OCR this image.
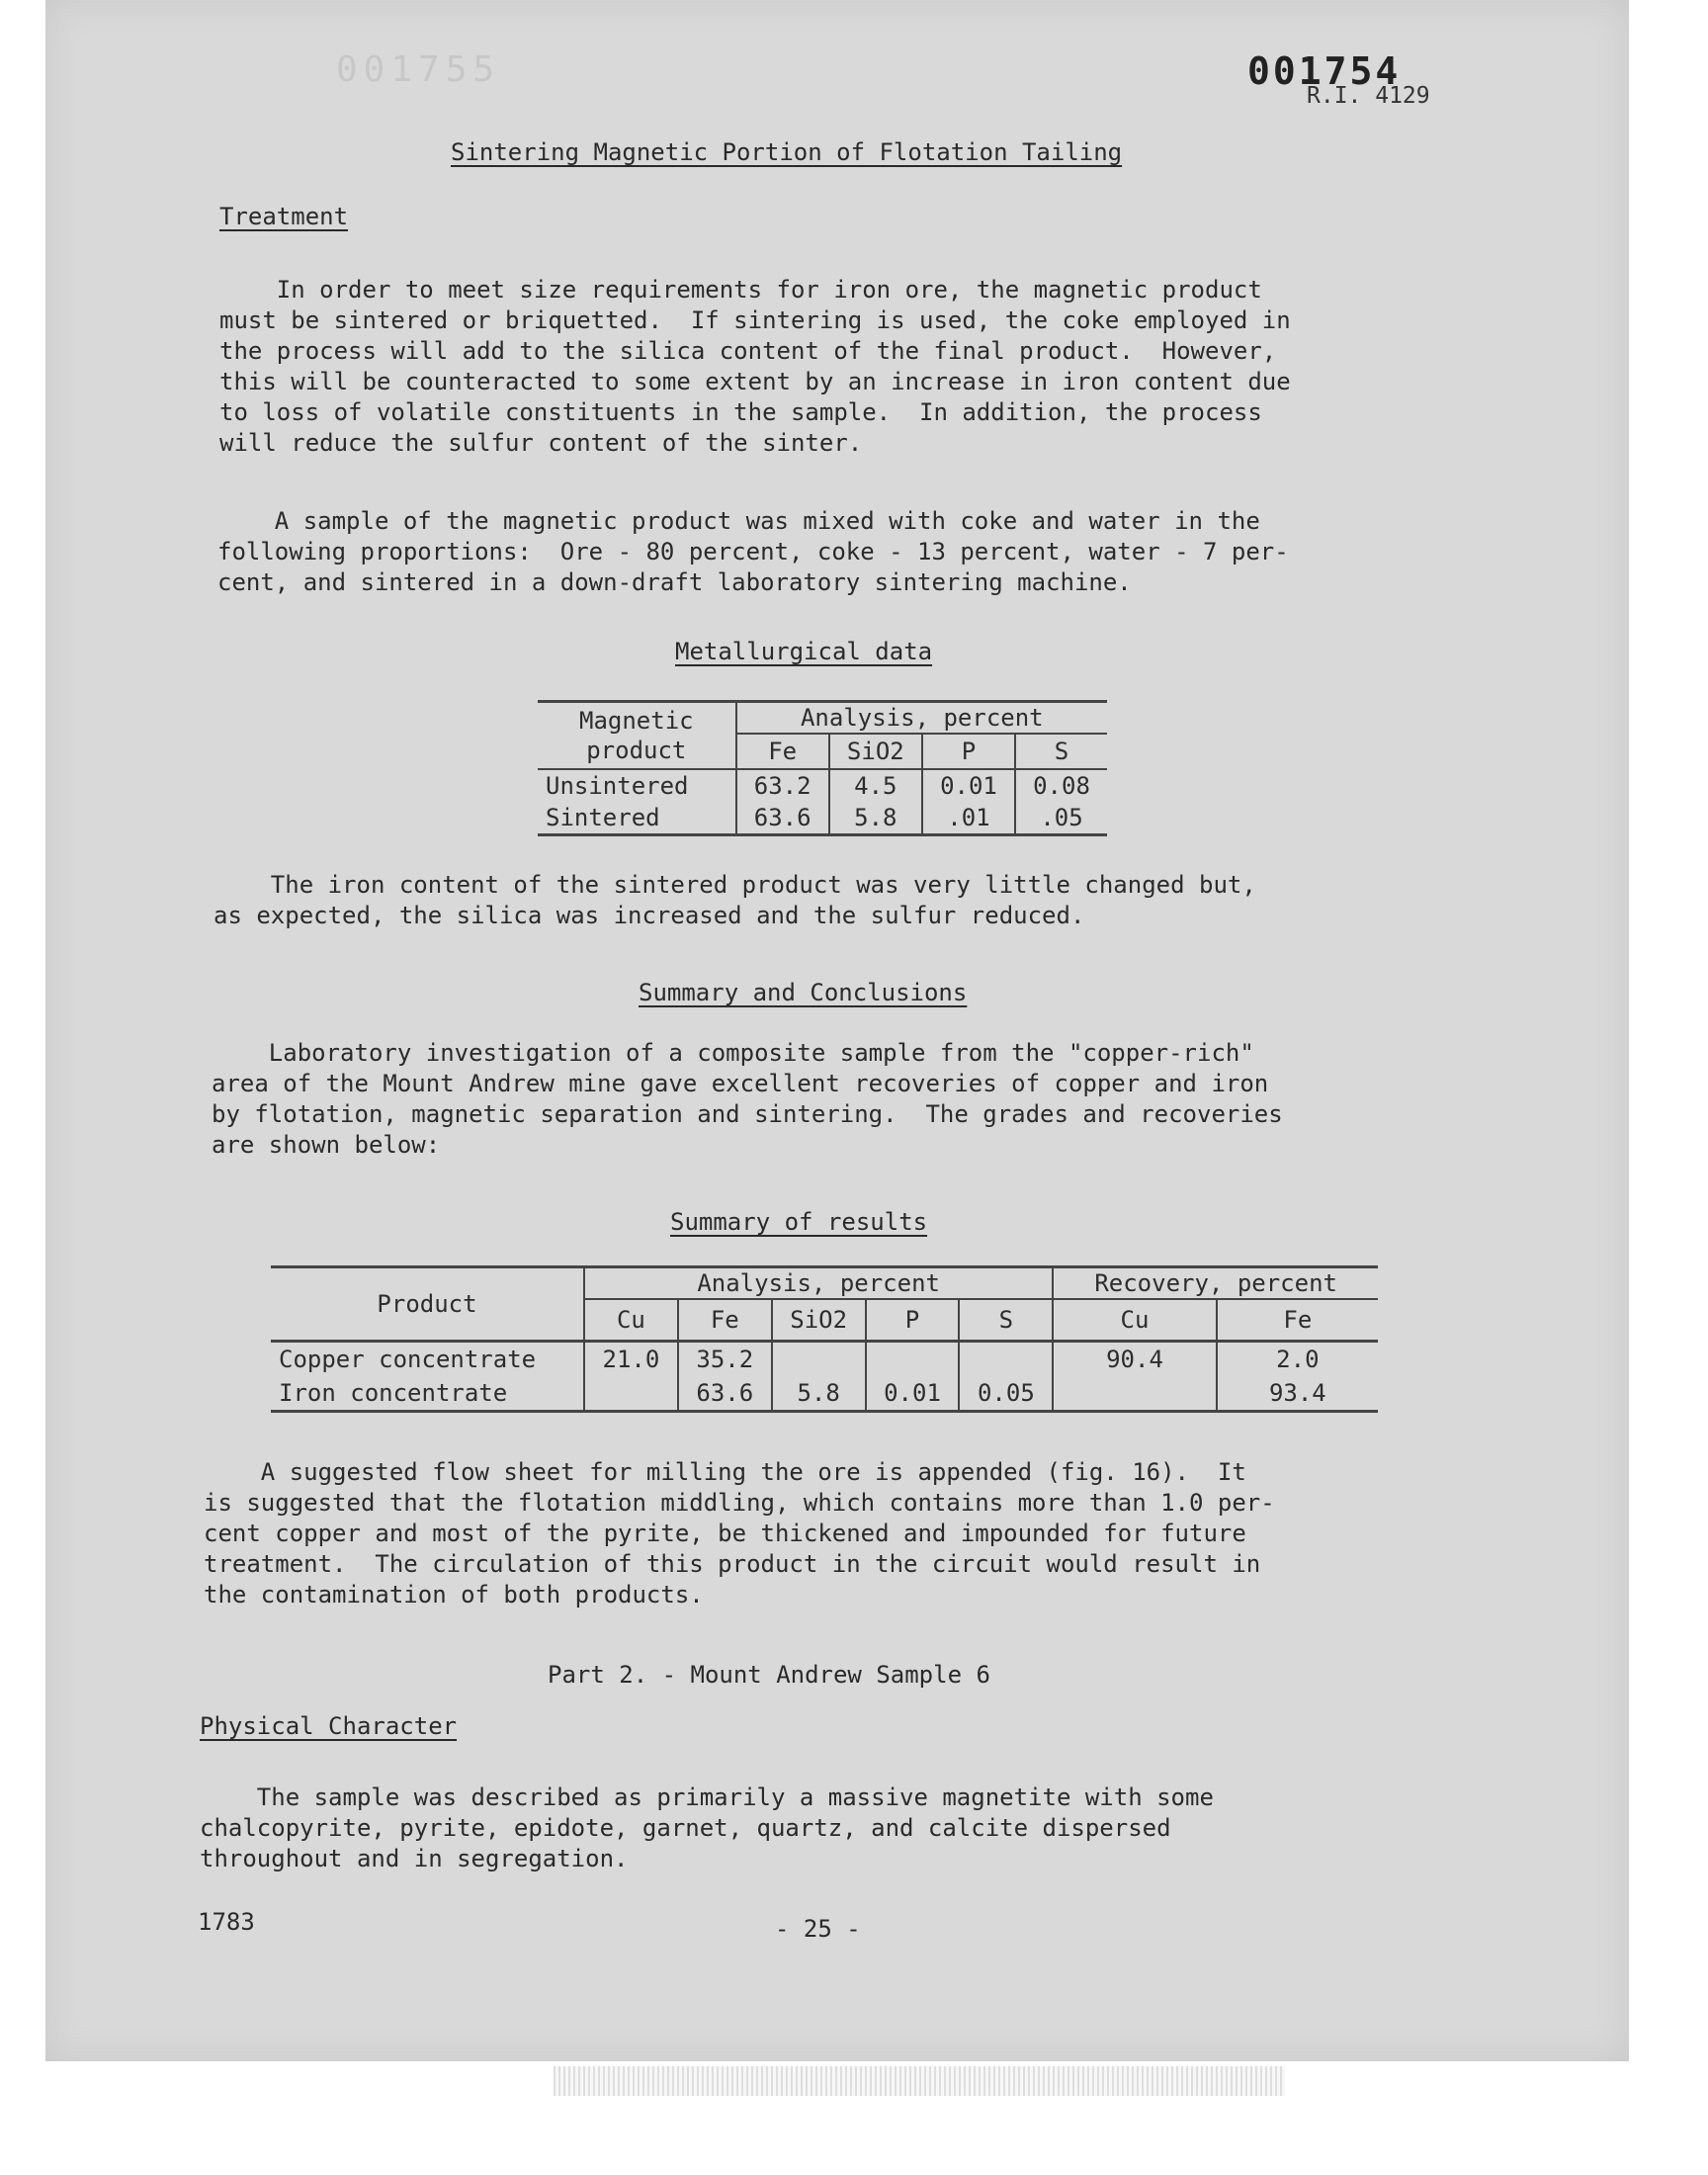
001755	001754
R.I. 4129
Sintering Magnetic Portion of Flotation Tailing
Treatment
In order to meet size requirements for iron ore, the magnetic product
must be sintered or briquetted.  If sintering is used, the coke employed in
the process will add to the silica content of the final product.  However,
this will be counteracted to some extent by an increase in iron content due
to loss of volatile constituents in the sample.  In addition, the process
will reduce the sulfur content of the sinter.
A sample of the magnetic product was mixed with coke and water in the
following proportions:  Ore - 80 percent, coke - 13 percent, water - 7 per-
cent, and sintered in a down-draft laboratory sintering machine.
Metallurgical data
Magnetic
product	Analysis, percent			
	Fe	SiO2	P	S
Unsintered	63.2	4.5	0.01	0.08
Sintered	63.6	5.8	.01	.05
The iron content of the sintered product was very little changed but,
as expected, the silica was increased and the sulfur reduced.
Summary and Conclusions
Laboratory investigation of a composite sample from the "copper-rich"
area of the Mount Andrew mine gave excellent recoveries of copper and iron
by flotation, magnetic separation and sintering.  The grades and recoveries
are shown below:
Summary of results
Product	Analysis, percent					Recovery, percent	
	Cu	Fe	SiO2	P	S	Cu	Fe
Copper concentrate	21.0	35.2				90.4	2.0
Iron concentrate		63.6	5.8	0.01	0.05		93.4
A suggested flow sheet for milling the ore is appended (fig. 16).  It
is suggested that the flotation middling, which contains more than 1.0 per-
cent copper and most of the pyrite, be thickened and impounded for future
treatment.  The circulation of this product in the circuit would result in
the contamination of both products.
Part 2. - Mount Andrew Sample 6
Physical Character
The sample was described as primarily a massive magnetite with some
chalcopyrite, pyrite, epidote, garnet, quartz, and calcite dispersed
throughout and in segregation.
1783	- 25 -
